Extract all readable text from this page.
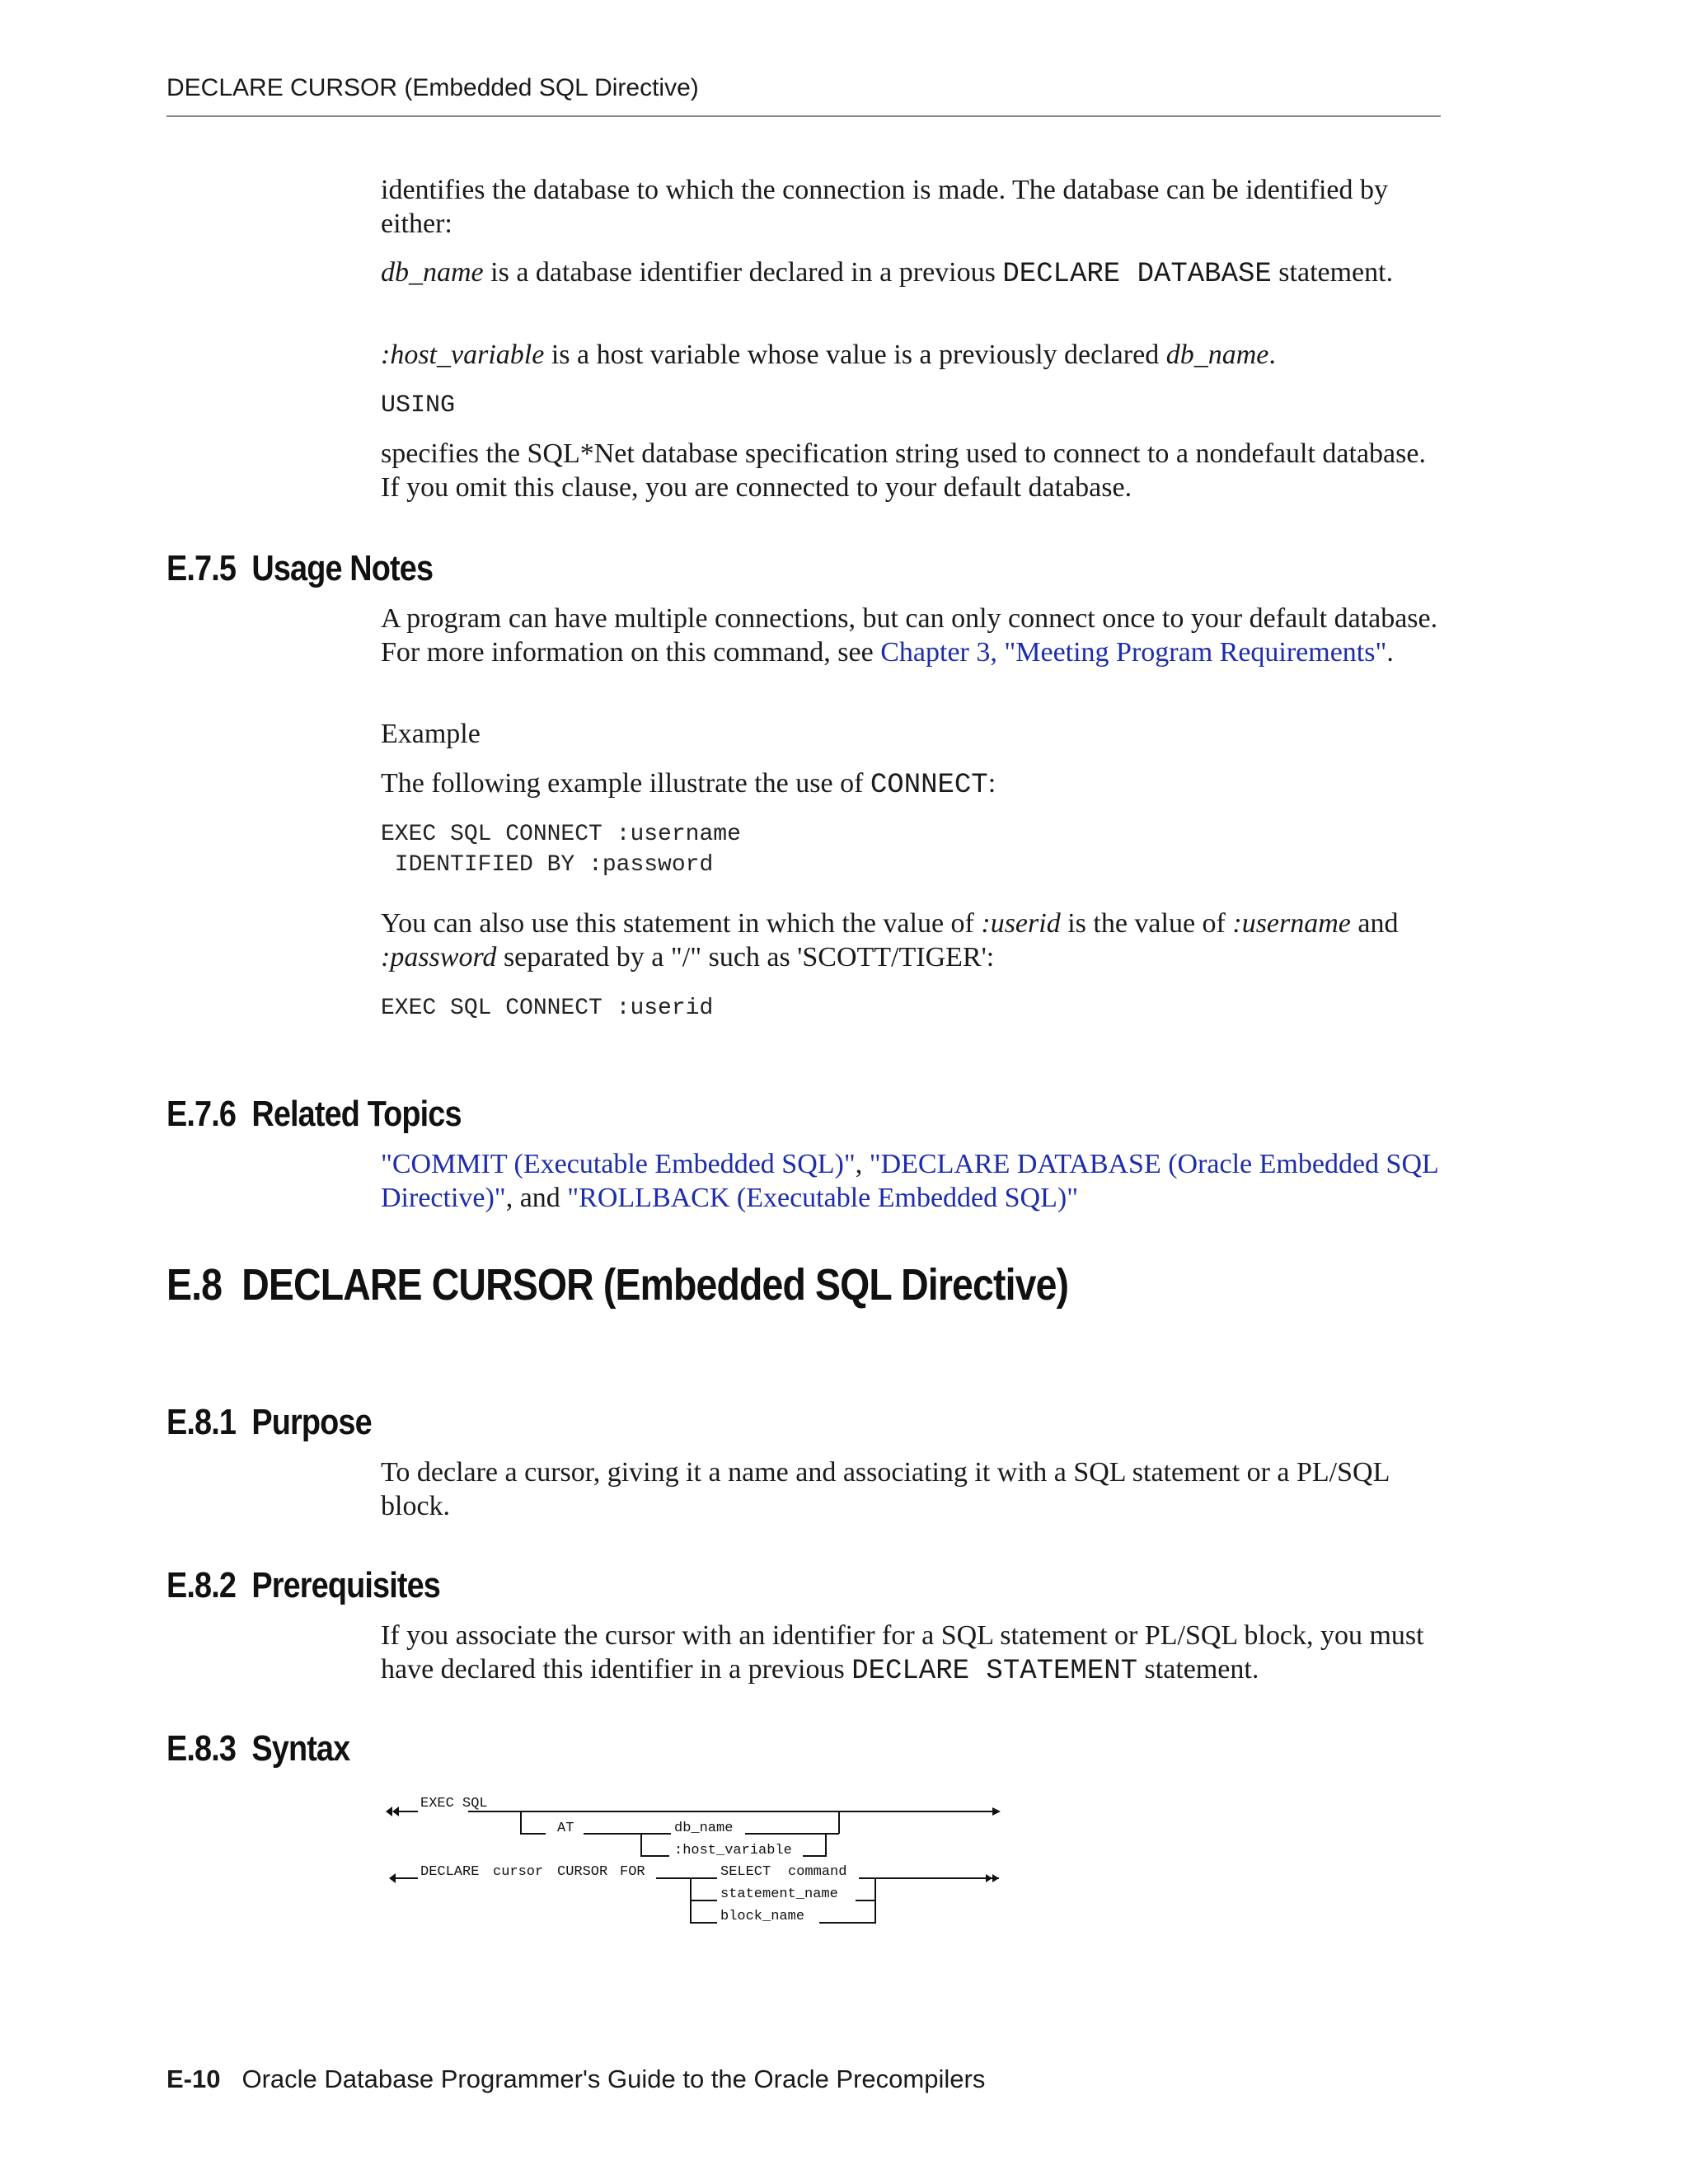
DECLARE CURSOR (Embedded SQL Directive)

identifies the database to which the connection is made. The database can be identified by either:

db_name is a database identifier declared in a previous DECLARE DATABASE statement.

:host_variable is a host variable whose value is a previously declared db_name.

USING

specifies the SQL*Net database specification string used to connect to a nondefault database. If you omit this clause, you are connected to your default database.

E.7.5 Usage Notes

A program can have multiple connections, but can only connect once to your default database. For more information on this command, see Chapter 3, "Meeting Program Requirements".

Example

The following example illustrate the use of CONNECT:

EXEC SQL CONNECT :username
IDENTIFIED BY :password

You can also use this statement in which the value of :userid is the value of :username and :password separated by a "/" such as 'SCOTT/TIGER':

EXEC SQL CONNECT :userid
E.7.6 Related Topics

"COMMIT (Executable Embedded SQL)", "DECLARE DATABASE (Oracle Embedded SQL Directive)", and "ROLLBACK (Executable Embedded SQL)"

E.8 DECLARE CURSOR (Embedded SQL Directive)
E.8.1 Purpose

To declare a cursor, giving it a name and associating it with a SQL statement or a PL/SQL block.

E.8.2 Prerequisites

If you associate the cursor with an identifier for a SQL statement or PL/SQL block, you must have declared this identifier in a previous DECLARE STATEMENT statement.

E.8.3 Syntax
EXEC SQL
AT	db_name
:host_variable
DECLARE cursor CURSOR FOR	SELECT command
statement_name
block_name
E-10 Oracle Database Programmer's Guide to the Oracle Precompilers
